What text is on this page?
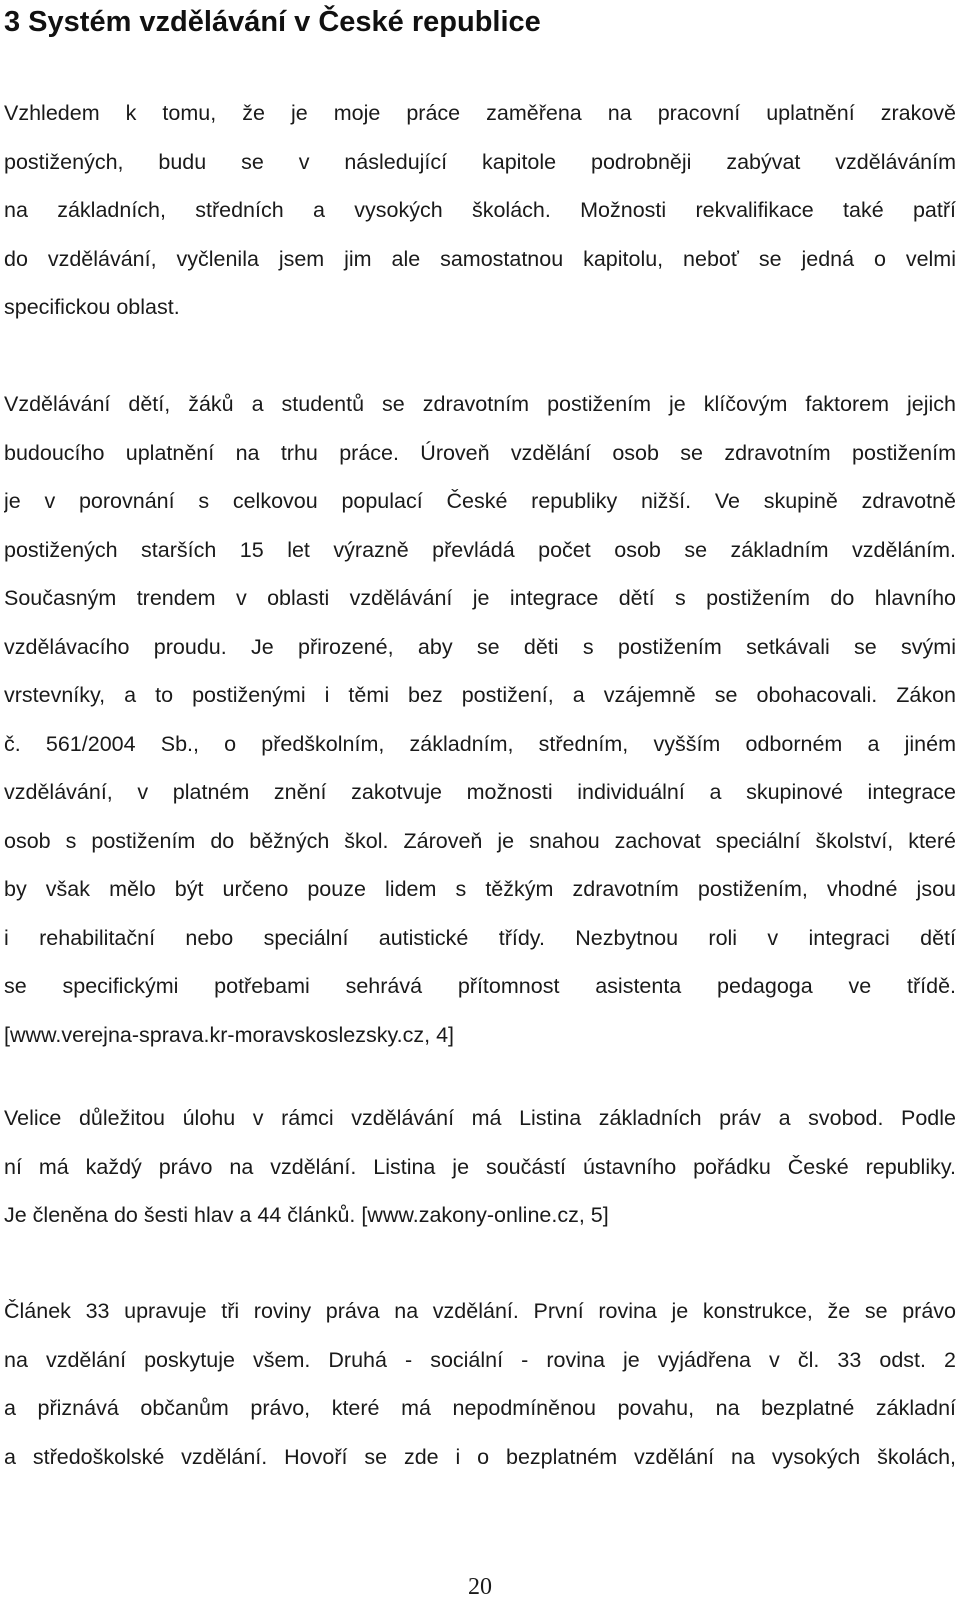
3 Systém vzdělávání v České republice
Vzhledem k tomu, že je moje práce zaměřena na pracovní uplatnění zrakově
postižených, budu se v následující kapitole podrobněji zabývat vzděláváním
na základních, středních a vysokých školách. Možnosti rekvalifikace také patří
do vzdělávání, vyčlenila jsem jim ale samostatnou kapitolu, neboť se jedná o velmi
specifickou oblast.
Vzdělávání dětí, žáků a studentů se zdravotním postižením je klíčovým faktorem jejich
budoucího uplatnění na trhu práce. Úroveň vzdělání osob se zdravotním postižením
je v porovnání s celkovou populací České republiky nižší. Ve skupině zdravotně
postižených starších 15 let výrazně převládá počet osob se základním vzděláním.
Současným trendem v oblasti vzdělávání je integrace dětí s postižením do hlavního
vzdělávacího proudu. Je přirozené, aby se děti s postižením setkávali se svými
vrstevníky, a to postiženými i těmi bez postižení, a vzájemně se obohacovali. Zákon
č. 561/2004 Sb., o předškolním, základním, středním, vyšším odborném a jiném
vzdělávání, v platném znění zakotvuje možnosti individuální a skupinové integrace
osob s postižením do běžných škol. Zároveň je snahou zachovat speciální školství, které
by však mělo být určeno pouze lidem s těžkým zdravotním postižením, vhodné jsou
i rehabilitační nebo speciální autistické třídy. Nezbytnou roli v integraci dětí
se specifickými potřebami sehrává přítomnost asistenta pedagoga ve třídě.
[www.verejna-sprava.kr-moravskoslezsky.cz, 4]
Velice důležitou úlohu v rámci vzdělávání má Listina základních práv a svobod. Podle
ní má každý právo na vzdělání. Listina je součástí ústavního pořádku České republiky.
Je členěna do šesti hlav a 44 článků. [www.zakony-online.cz, 5]
Článek 33 upravuje tři roviny práva na vzdělání. První rovina je konstrukce, že se právo
na vzdělání poskytuje všem. Druhá - sociální - rovina je vyjádřena v čl. 33 odst. 2
a přiznává občanům právo, které má nepodmíněnou povahu, na bezplatné základní
a středoškolské vzdělání. Hovoří se zde i o bezplatném vzdělání na vysokých školách,
20
